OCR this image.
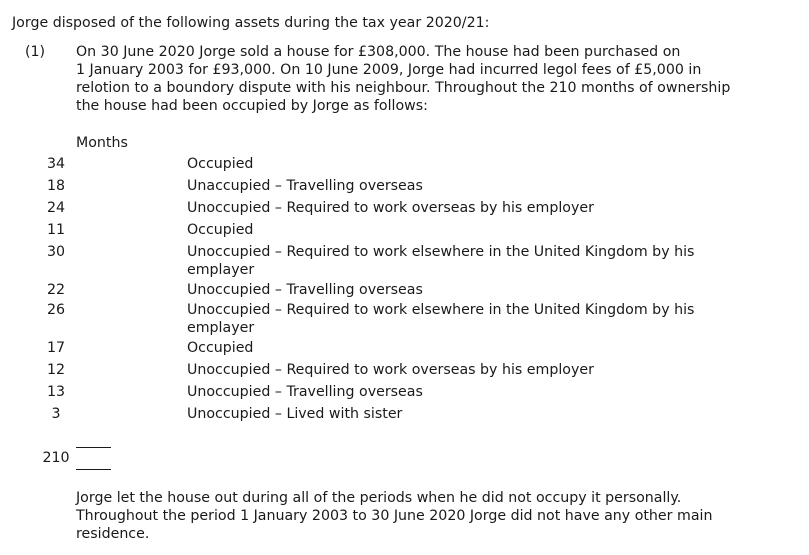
Jorge disposed of the following assets during the tax year 2020/21:
(1) On 30 June 2020 Jorge sold a house for £308,000. The house had been purchased on
1 January 2003 for £93,000. On 10 June 2009, Jorge had incurred legol fees of £5,000 in
relotion to a boundory dispute with his neighbour. Throughout the 210 months of ownership
the house had been occupied by Jorge as follows:
Months
34	Occupied
18	Unaccupied – Travelling overseas
24	Unoccupied – Required to work overseas by his employer
11	Occupied
30	Unoccupied – Required to work elsewhere in the United Kingdom by his
emplayer
22	Unoccupied – Travelling overseas
26	Unoccupied – Required to work elsewhere in the United Kingdom by his
emplayer
17	Occupied
12	Unoccupied – Required to work overseas by his employer
13	Unoccupied – Travelling overseas
3	Unoccupied – Lived with sister
210
Jorge let the house out during all of the periods when he did not occupy it personally.
Throughout the period 1 January 2003 to 30 June 2020 Jorge did not have any other main
residence.
